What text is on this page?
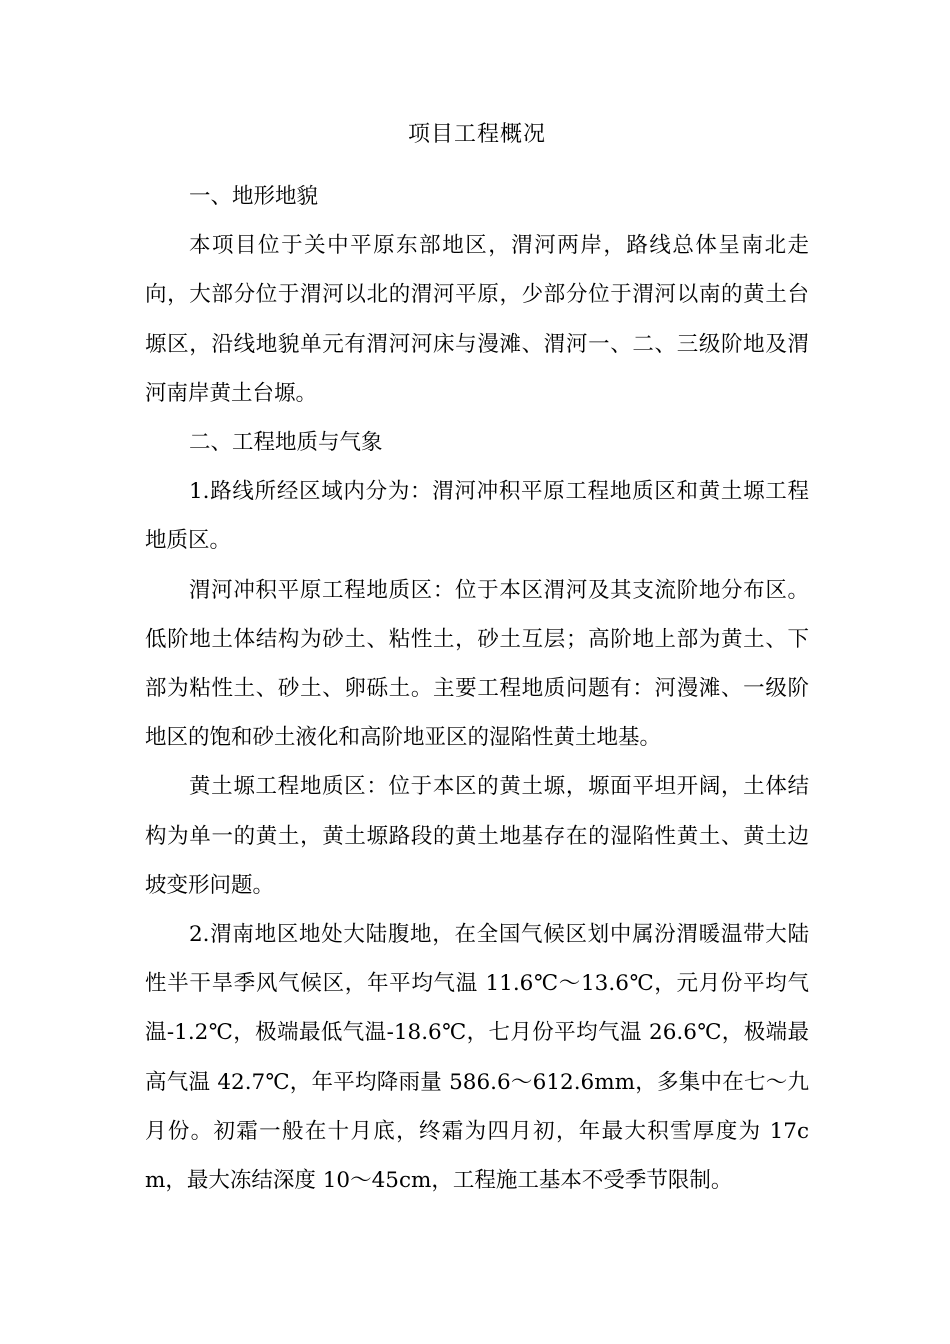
项目工程概况

一、地形地貌

本项目位于关中平原东部地区，渭河两岸，路线总体呈南北走向，大部分位于渭河以北的渭河平原，少部分位于渭河以南的黄土台塬区，沿线地貌单元有渭河河床与漫滩、渭河一、二、三级阶地及渭河南岸黄土台塬。

二、工程地质与气象

1.路线所经区域内分为：渭河冲积平原工程地质区和黄土塬工程地质区。

渭河冲积平原工程地质区：位于本区渭河及其支流阶地分布区。低阶地土体结构为砂土、粘性土，砂土互层；高阶地上部为黄土、下部为粘性土、砂土、卵砾土。主要工程地质问题有：河漫滩、一级阶地区的饱和砂土液化和高阶地亚区的湿陷性黄土地基。

黄土塬工程地质区：位于本区的黄土塬，塬面平坦开阔，土体结构为单一的黄土，黄土塬路段的黄土地基存在的湿陷性黄土、黄土边坡变形问题。

2.渭南地区地处大陆腹地，在全国气候区划中属汾渭暖温带大陆性半干旱季风气候区，年平均气温 11.6℃～13.6℃，元月份平均气温-1.2℃，极端最低气温-18.6℃，七月份平均气温 26.6℃，极端最高气温 42.7℃，年平均降雨量 586.6～612.6mm，多集中在七～九月份。初霜一般在十月底，终霜为四月初，年最大积雪厚度为 17cm，最大冻结深度 10～45cm，工程施工基本不受季节限制。
